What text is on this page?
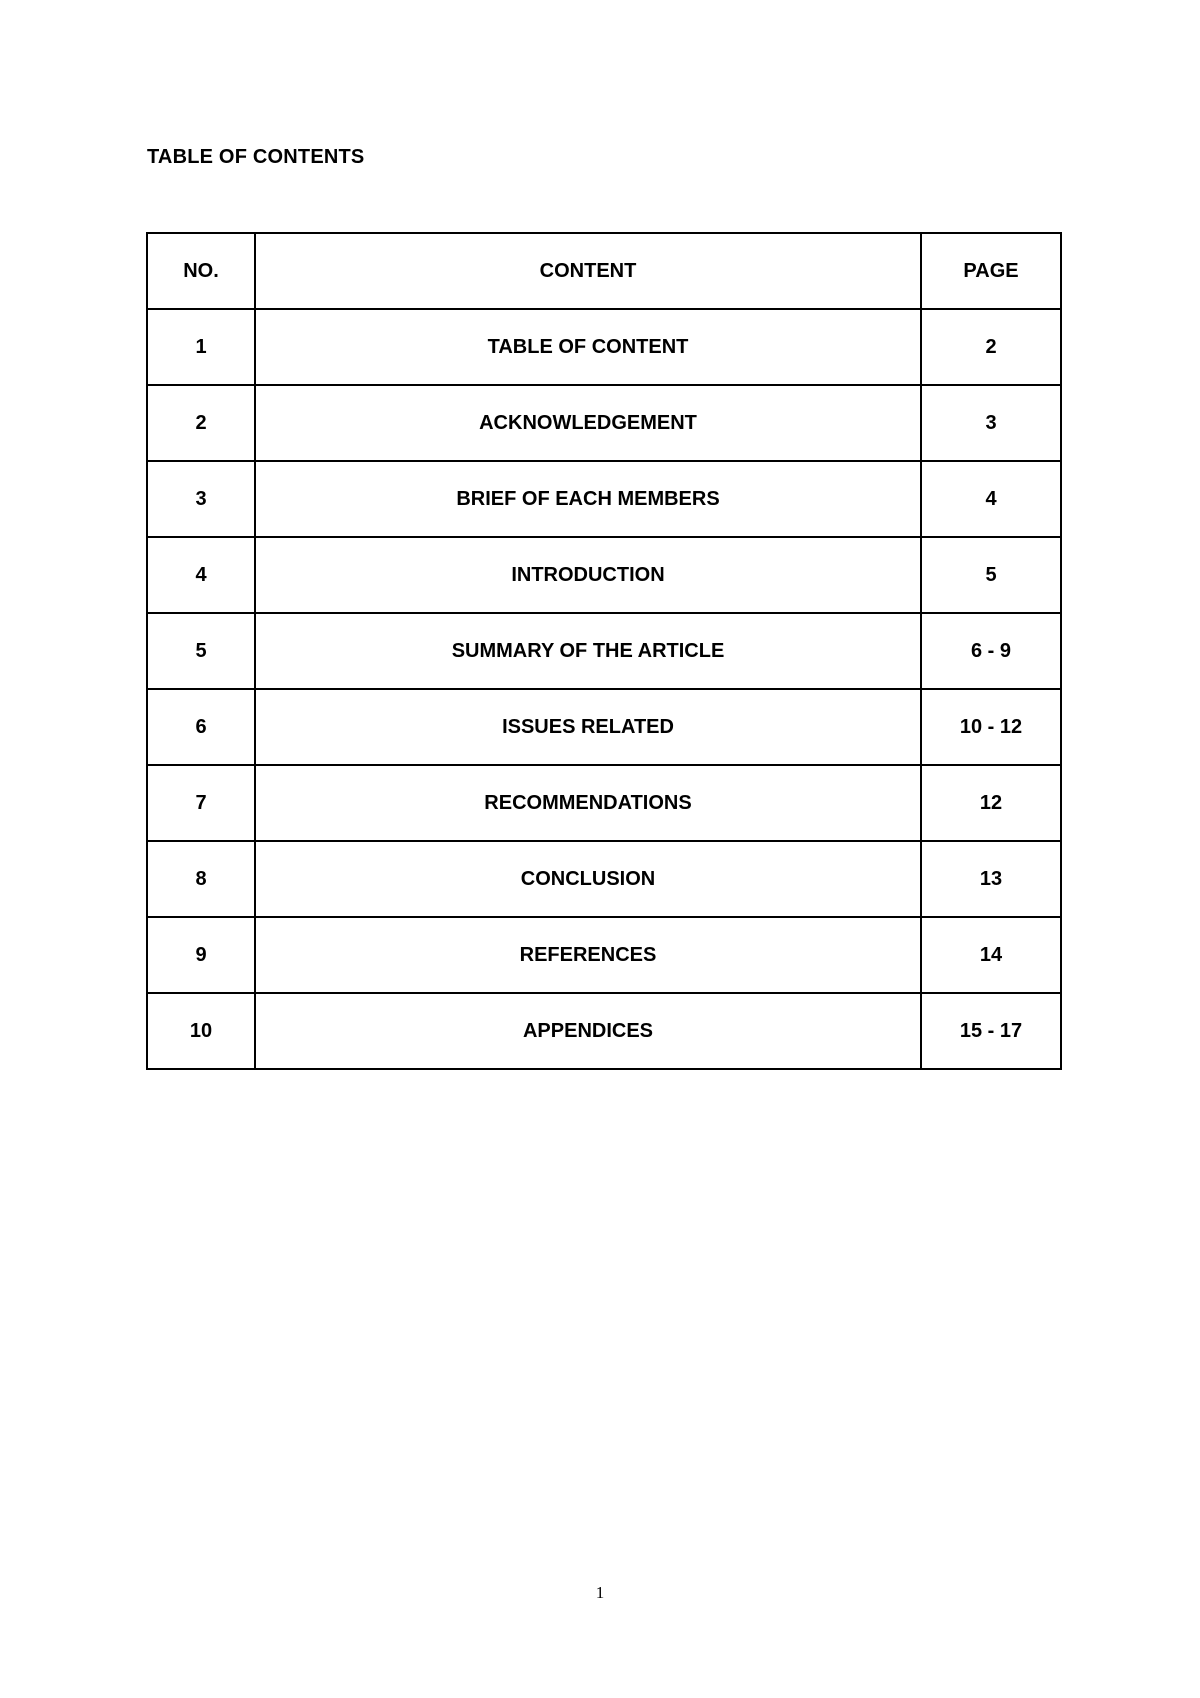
TABLE OF CONTENTS
NO.	CONTENT	PAGE
1	TABLE OF CONTENT	2
2	ACKNOWLEDGEMENT	3
3	BRIEF OF EACH MEMBERS	4
4	INTRODUCTION	5
5	SUMMARY OF THE ARTICLE	6 - 9
6	ISSUES RELATED	10 - 12
7	RECOMMENDATIONS	12
8	CONCLUSION	13
9	REFERENCES	14
10	APPENDICES	15 - 17
1
